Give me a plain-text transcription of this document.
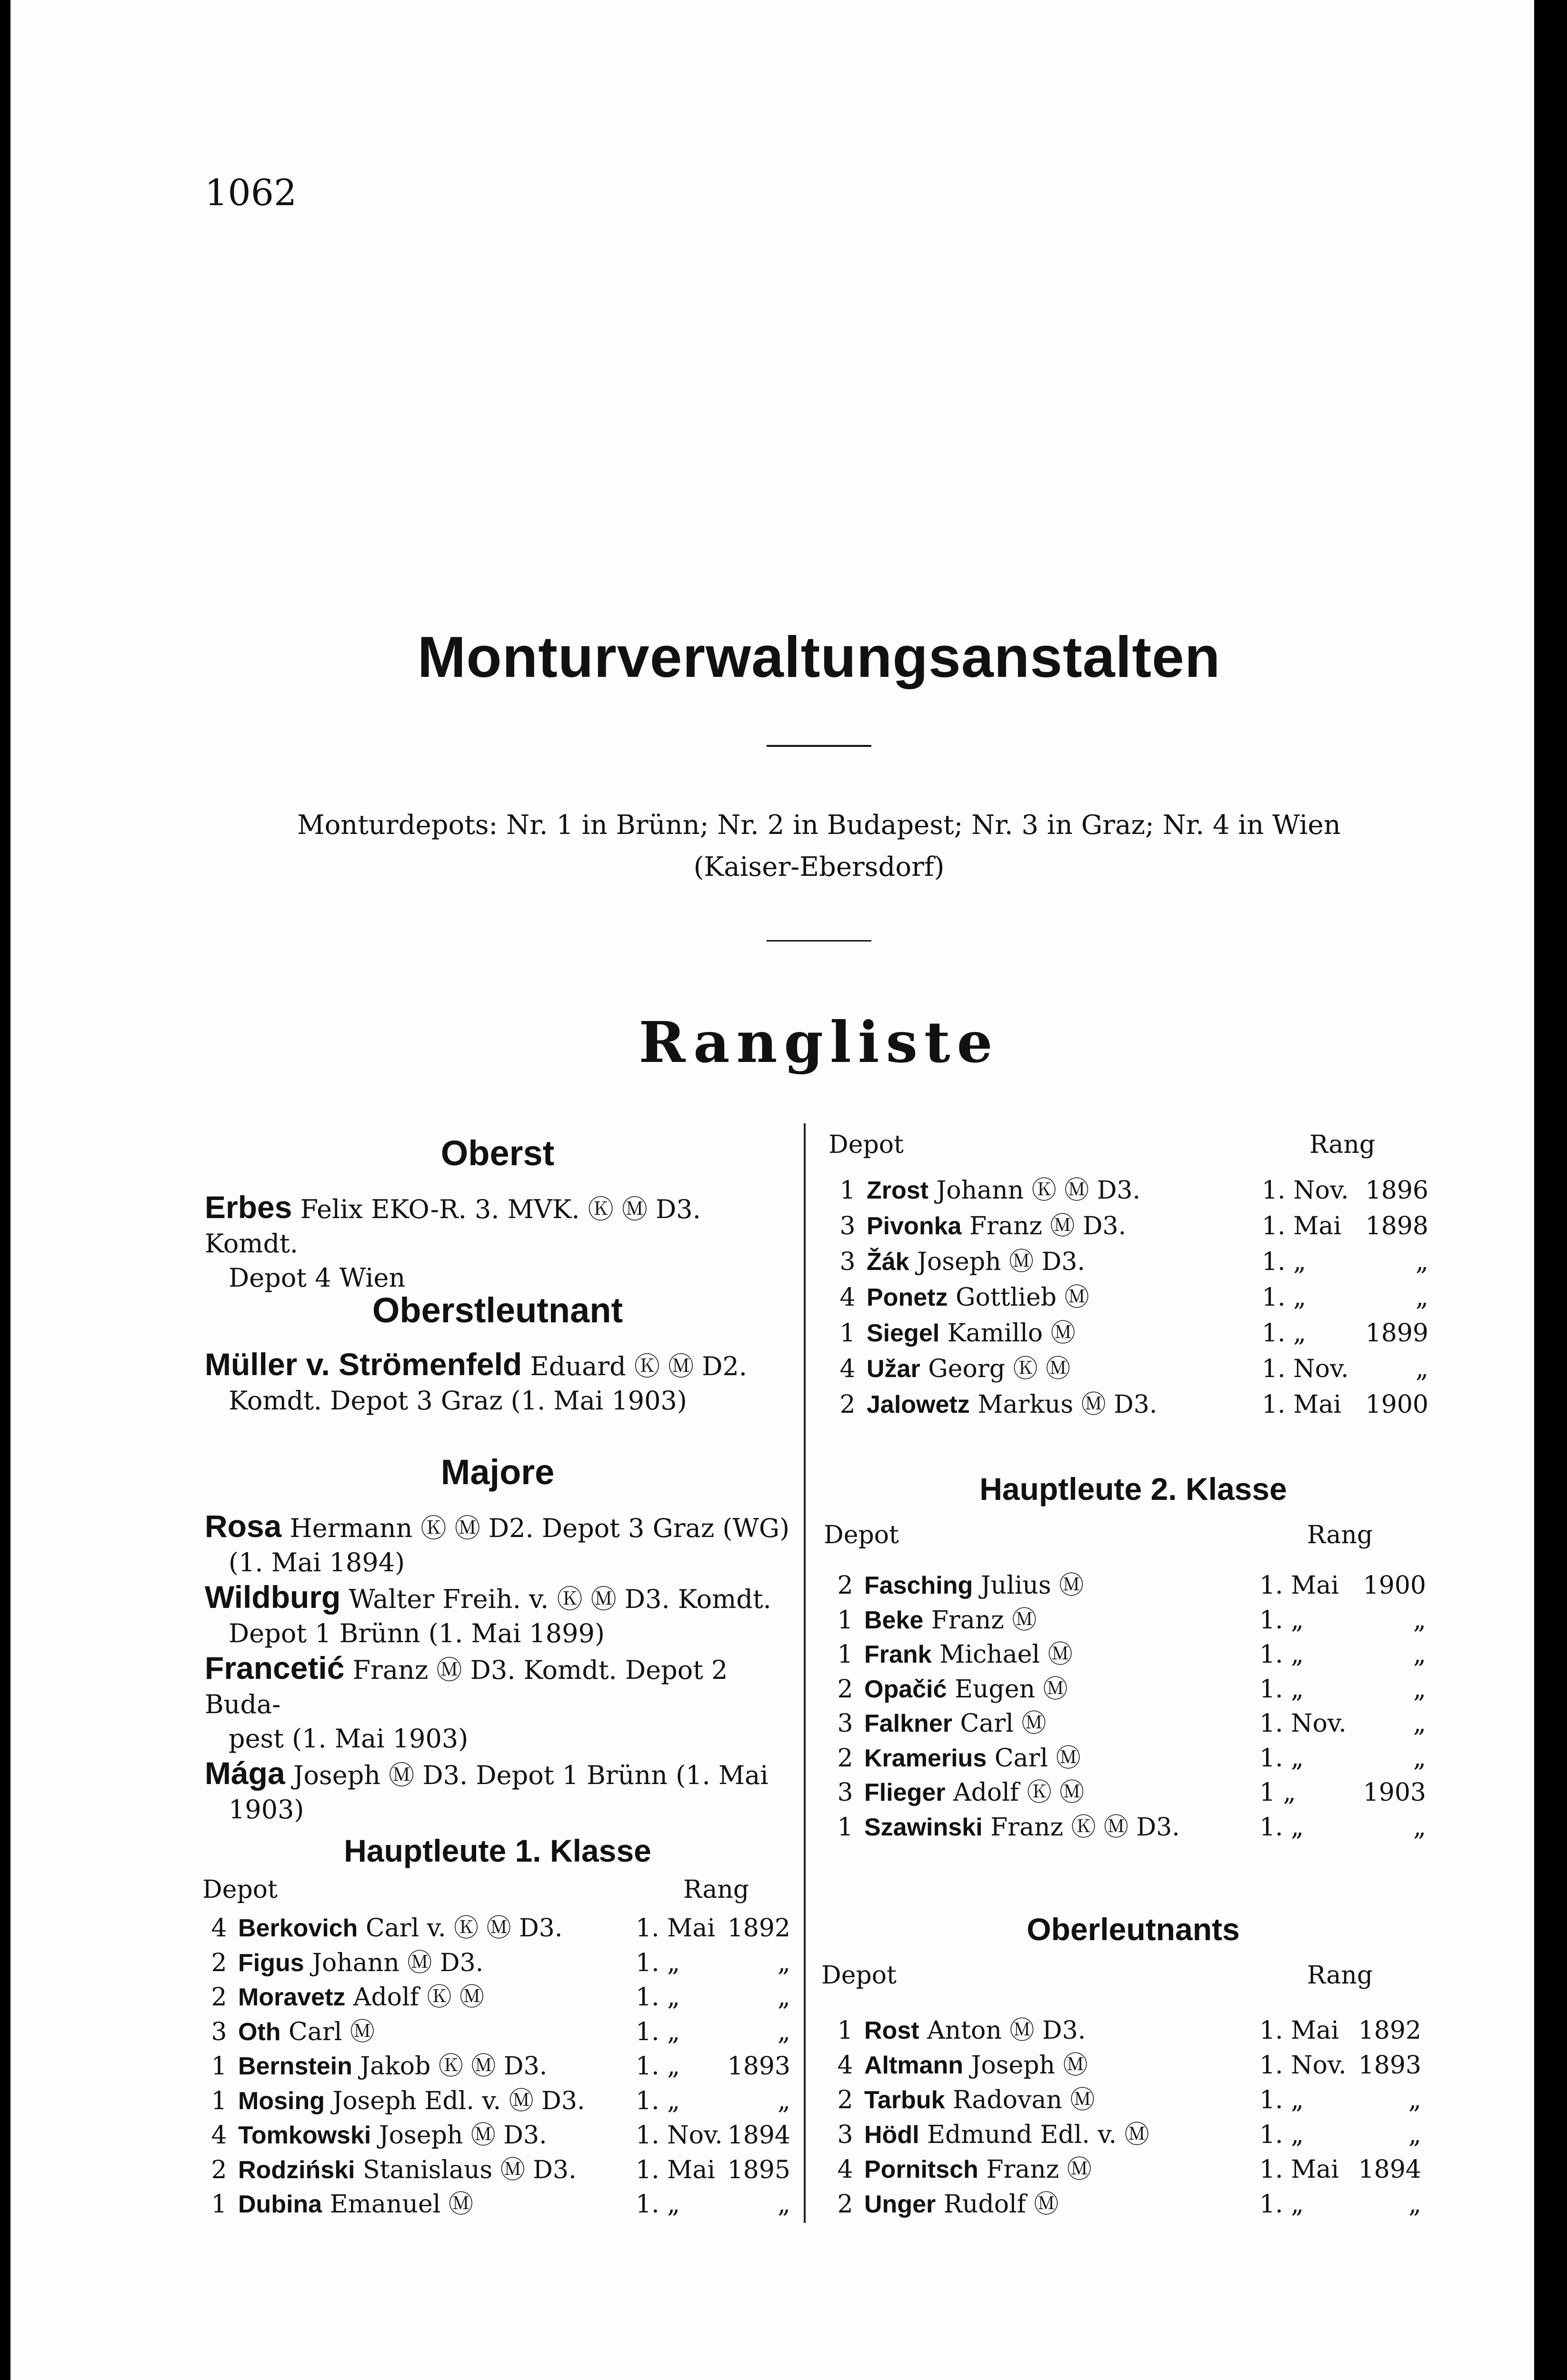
1062
Monturverwaltungsanstalten
Monturdepots: Nr. 1 in Brünn; Nr. 2 in Budapest; Nr. 3 in Graz; Nr. 4 in Wien
(Kaiser-Ebersdorf)
Rangliste
Oberst
Erbes Felix EKO-R. 3. MVK. Ⓚ Ⓜ D3. Komdt.
Depot 4 Wien
Oberstleutnant
Müller v. Strömenfeld Eduard Ⓚ Ⓜ D2.
Komdt. Depot 3 Graz (1. Mai 1903)
Majore
Rosa Hermann Ⓚ Ⓜ D2. Depot 3 Graz (WG)
(1. Mai 1894)
Wildburg Walter Freih. v. Ⓚ Ⓜ D3. Komdt.
Depot 1 Brünn (1. Mai 1899)
Francetić Franz Ⓜ D3. Komdt. Depot 2 Buda-
pest (1. Mai 1903)
Mága Joseph Ⓜ D3. Depot 1 Brünn (1. Mai
1903)
Hauptleute 1. Klasse
Depot	Rang
4 Berkovich Carl v. Ⓚ Ⓜ D3.	1. Mai 1892
2 Figus Johann Ⓜ D3.	1. „	„
2 Moravetz Adolf Ⓚ Ⓜ	1. „	„
3 Oth Carl Ⓜ	1. „	„
1 Bernstein Jakob Ⓚ Ⓜ D3.	1. „	1893
1 Mosing Joseph Edl. v. Ⓜ D3. 1. „	„
4 Tomkowski Joseph Ⓜ D3.	1. Nov. 1894
2 Rodziński Stanislaus Ⓜ D3. 1. Mai 1895
1 Dubina Emanuel Ⓜ	1. „	„
Depot	Rang
1 Zrost Johann Ⓚ Ⓜ D3.	1. Nov. 1896
3 Pivonka Franz Ⓜ D3.	1. Mai 1898
3 Žák Joseph Ⓜ D3.	1. „	„
4 Ponetz Gottlieb Ⓜ	1. „	„
1 Siegel Kamillo Ⓜ	1. „	1899
4 Užar Georg Ⓚ Ⓜ	1. Nov.	„
2 Jalowetz Markus Ⓜ D3.	1. Mai 1900
Hauptleute 2. Klasse
Depot	Rang
2 Fasching Julius Ⓜ	1. Mai 1900
1 Beke Franz Ⓜ	1. „	„
1 Frank Michael Ⓜ	1. „	„
2 Opačić Eugen Ⓜ	1. „	„
3 Falkner Carl Ⓜ	1. Nov.	„
2 Kramerius Carl Ⓜ	1. „	„
3 Flieger Adolf Ⓚ Ⓜ	1 „	1903
1 Szawinski Franz Ⓚ Ⓜ D3.	1. „	„
Oberleutnants
Depot	Rang
1 Rost Anton Ⓜ D3.	1. Mai 1892
4 Altmann Joseph Ⓜ	1. Nov. 1893
2 Tarbuk Radovan Ⓜ	1. „	„
3 Hödl Edmund Edl. v. Ⓜ	1. „	„
4 Pornitsch Franz Ⓜ	1. Mai 1894
2 Unger Rudolf Ⓜ	1. „	„
